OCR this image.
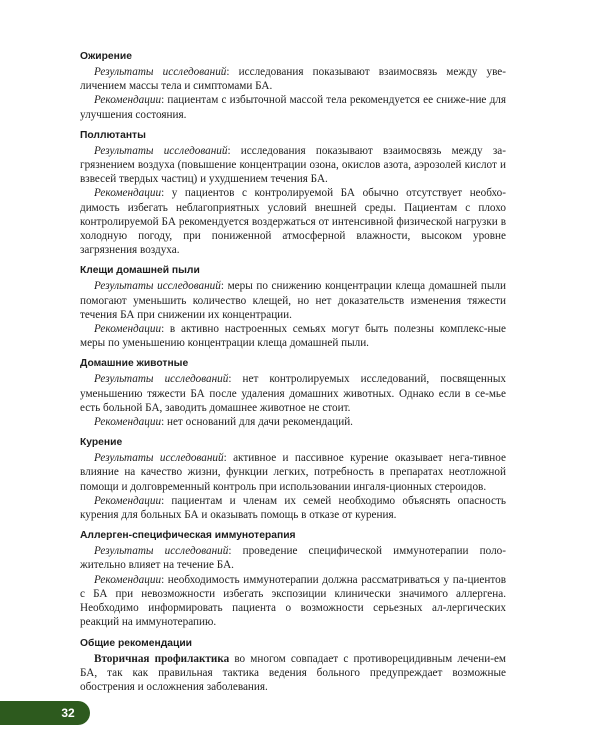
Ожирение

Результаты исследований: исследования показывают взаимосвязь между уве-личением массы тела и симптомами БА.

Рекомендации: пациентам с избыточной массой тела рекомендуется ее сниже-ние для улучшения состояния.

Поллютанты

Результаты исследований: исследования показывают взаимосвязь между за-грязнением воздуха (повышение концентрации озона, окислов азота, аэрозолей кислот и взвесей твердых частиц) и ухудшением течения БА.

Рекомендации: у пациентов с контролируемой БА обычно отсутствует необхо-димость избегать неблагоприятных условий внешней среды. Пациентам с плохо контролируемой БА рекомендуется воздержаться от интенсивной физической нагрузки в холодную погоду, при пониженной атмосферной влажности, высоком уровне загрязнения воздуха.

Клещи домашней пыли

Результаты исследований: меры по снижению концентрации клеща домашней пыли помогают уменьшить количество клещей, но нет доказательств изменения тяжести течения БА при снижении их концентрации.

Рекомендации: в активно настроенных семьях могут быть полезны комплекс-ные меры по уменьшению концентрации клеща домашней пыли.

Домашние животные

Результаты исследований: нет контролируемых исследований, посвященных уменьшению тяжести БА после удаления домашних животных. Однако если в се-мье есть больной БА, заводить домашнее животное не стоит.

Рекомендации: нет оснований для дачи рекомендаций.

Курение

Результаты исследований: активное и пассивное курение оказывает нега-тивное влияние на качество жизни, функции легких, потребность в препаратах неотложной помощи и долговременный контроль при использовании ингаля-ционных стероидов.

Рекомендации: пациентам и членам их семей необходимо объяснять опасность курения для больных БА и оказывать помощь в отказе от курения.

Аллерген-специфическая иммунотерапия

Результаты исследований: проведение специфической иммунотерапии поло-жительно влияет на течение БА.

Рекомендации: необходимость иммунотерапии должна рассматриваться у па-циентов с БА при невозможности избегать экспозиции клинически значимого аллергена. Необходимо информировать пациента о возможности серьезных ал-лергических реакций на иммунотерапию.

Общие рекомендации

Вторичная профилактика во многом совпадает с противорецидивным лечени-ем БА, так как правильная тактика ведения больного предупреждает возможные обострения и осложнения заболевания.

32
